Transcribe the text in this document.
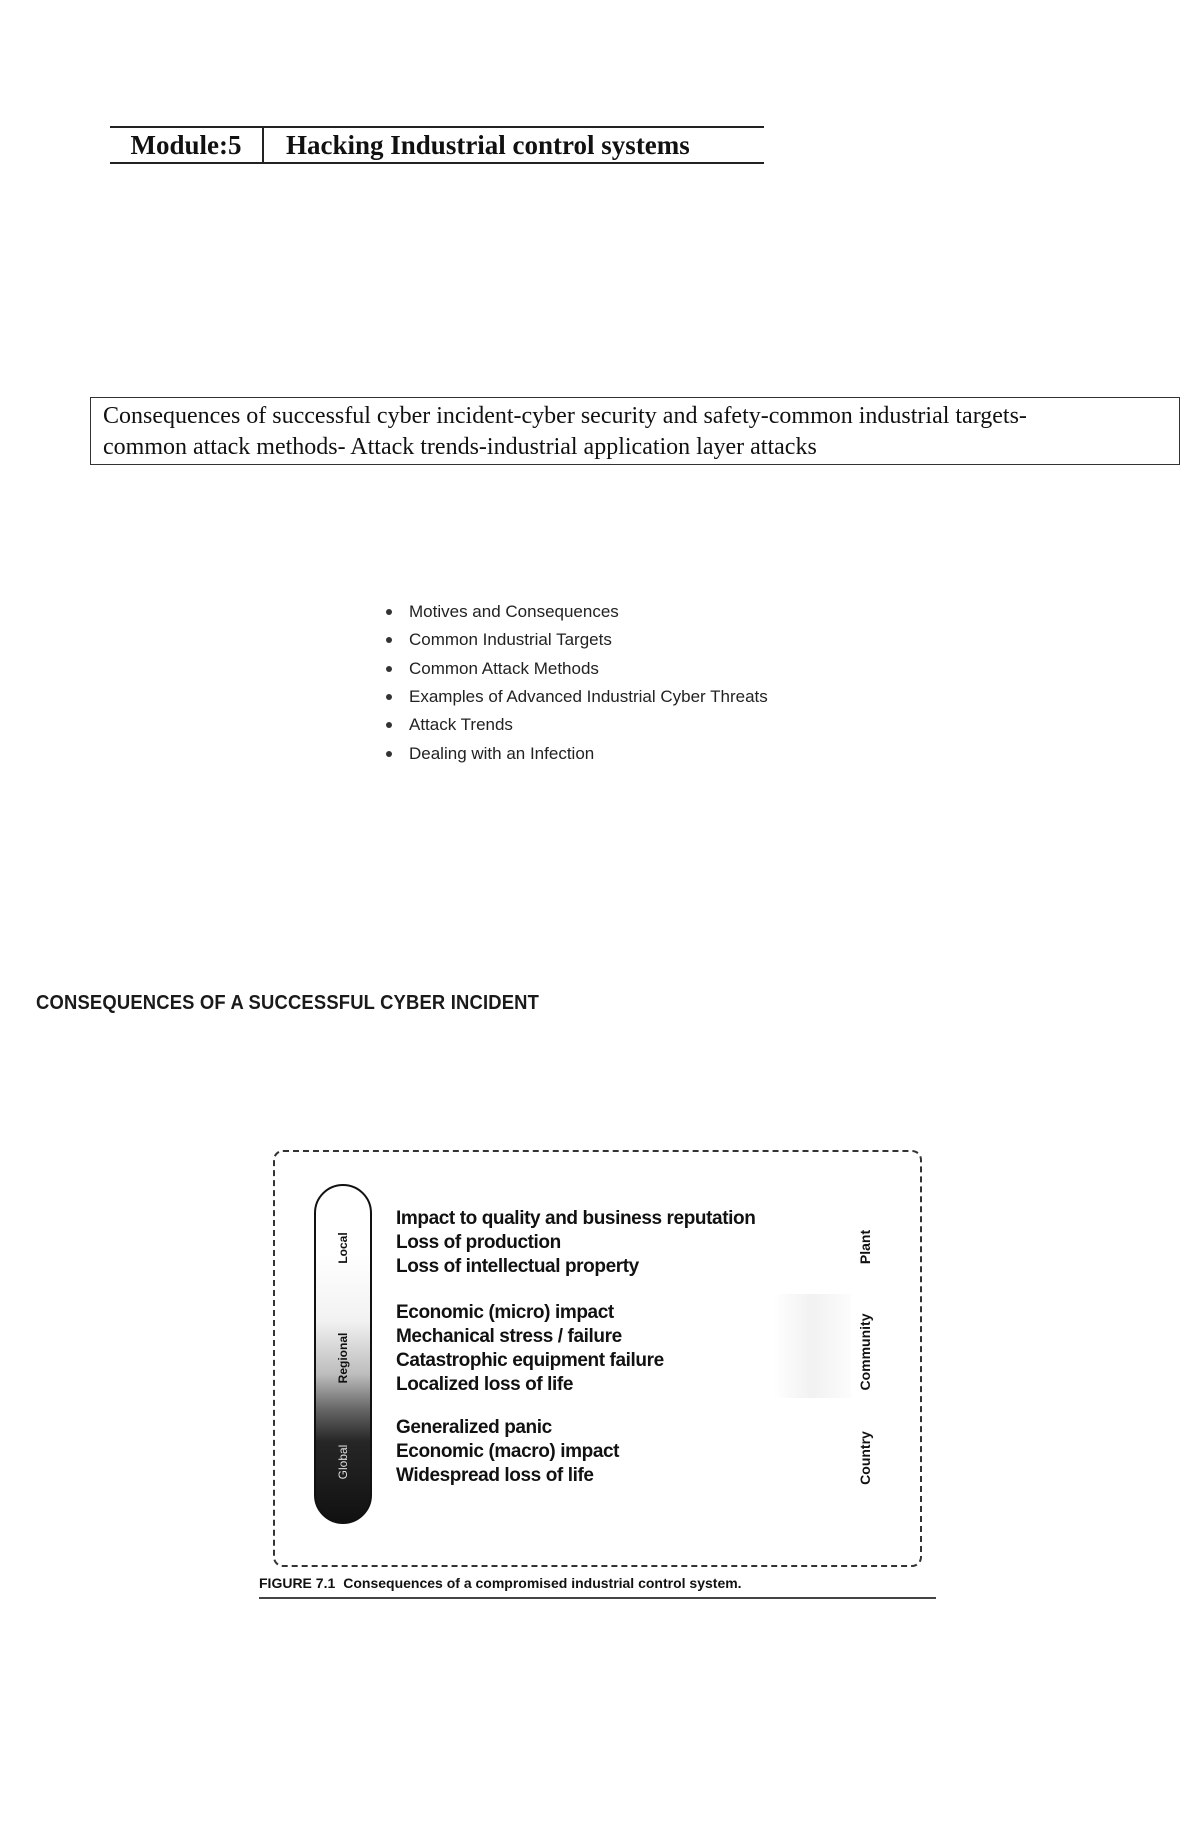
Module:5	Hacking Industrial control systems
Consequences of successful cyber incident-cyber security and safety-common industrial targets-
common attack methods- Attack trends-industrial application layer attacks
Motives and Consequences
Common Industrial Targets
Common Attack Methods
Examples of Advanced Industrial Cyber Threats
Attack Trends
Dealing with an Infection
CONSEQUENCES OF A SUCCESSFUL CYBER INCIDENT
Local
Regional
Global
Impact to quality and business reputation
Loss of production
Loss of intellectual property
Economic (micro) impact
Mechanical stress / failure
Catastrophic equipment failure
Localized loss of life
Generalized panic
Economic (macro) impact
Widespread loss of life
Plant
Community
Country
FIGURE 7.1 Consequences of a compromised industrial control system.
